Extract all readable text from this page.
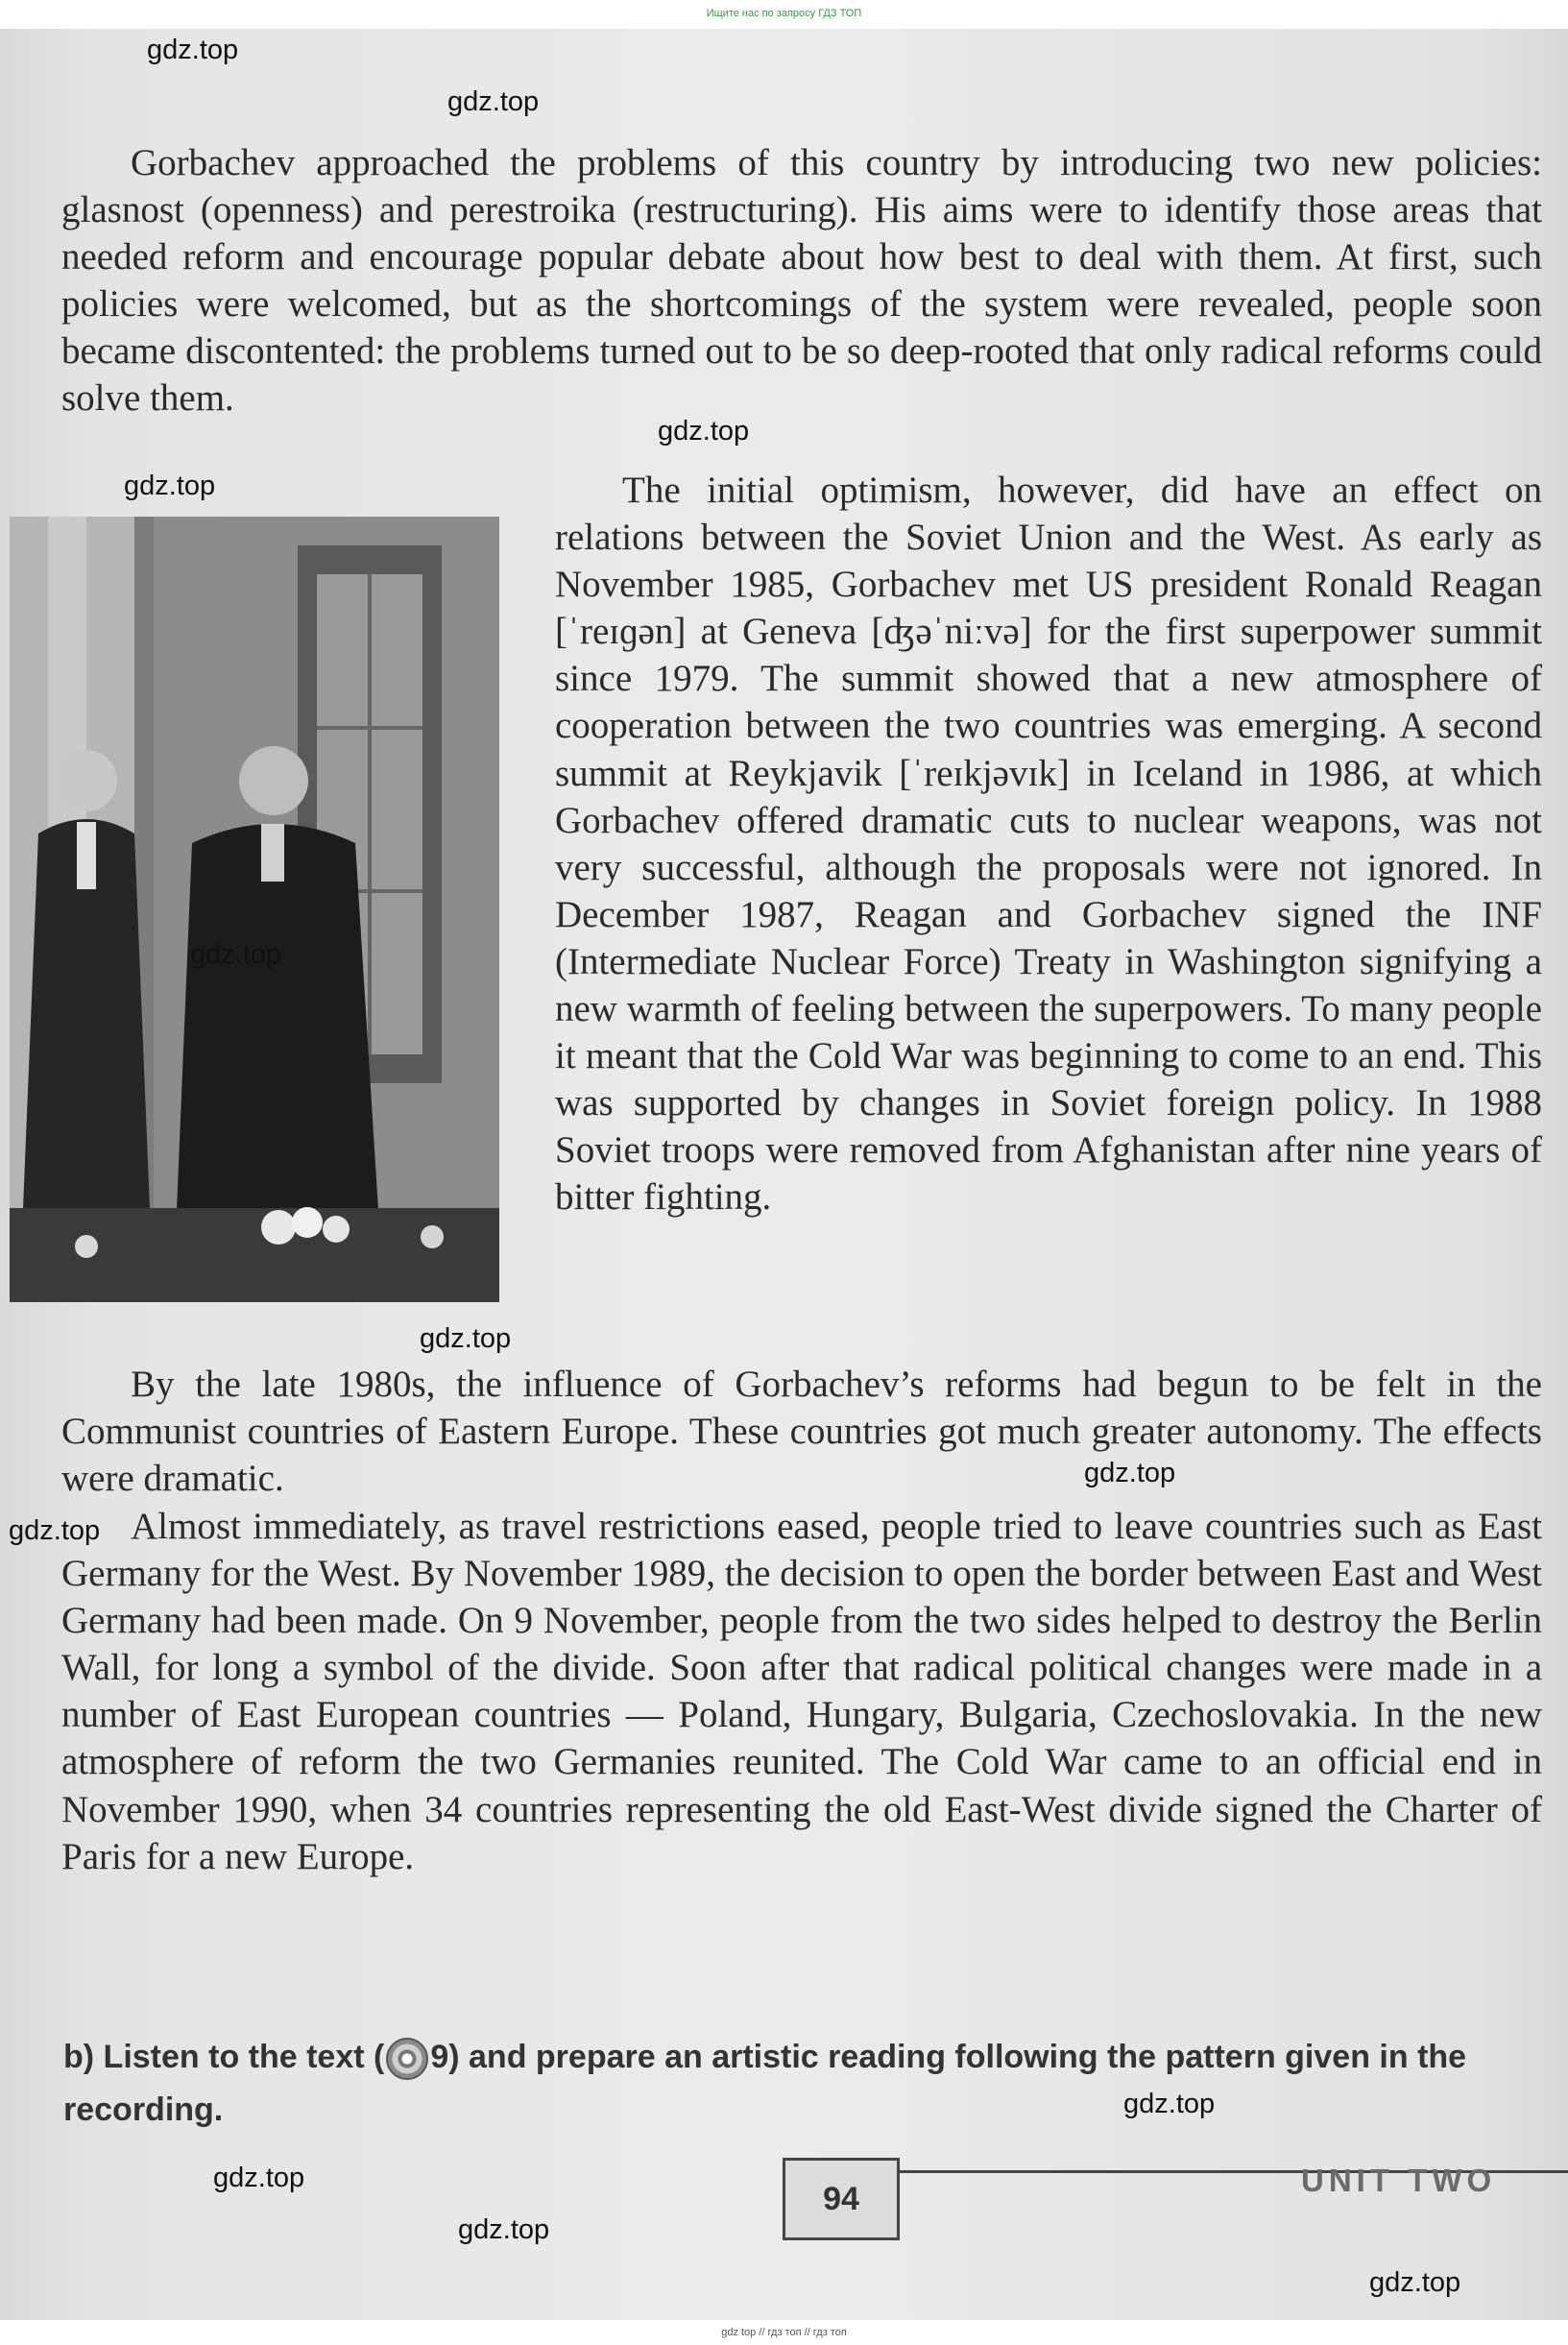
Ищите нас по запросу ГДЗ ТОП

Gorbachev approached the problems of this country by introducing two new policies: glasnost (openness) and perestroika (restructuring). His aims were to identify those areas that needed reform and encourage popular debate about how best to deal with them. At first, such policies were welcomed, but as the shortcomings of the system were revealed, people soon became discontented: the problems turned out to be so deep-rooted that only radical reforms could solve them.

The initial optimism, however, did have an effect on relations between the Soviet Union and the West. As early as November 1985, Gorbachev met US president Ronald Reagan [ˈreɪɡən] at Geneva [ʤəˈniːvə] for the first superpower summit since 1979. The summit showed that a new atmosphere of cooperation between the two countries was emerging. A second summit at Reykjavik [ˈreɪkjəvɪk] in Iceland in 1986, at which Gorbachev offered dramatic cuts to nuclear weapons, was not very successful, although the proposals were not ignored. In December 1987, Reagan and Gorbachev signed the INF (Intermediate Nuclear Force) Treaty in Washington signifying a new warmth of feeling between the superpowers. To many people it meant that the Cold War was beginning to come to an end. This was supported by changes in Soviet foreign policy. In 1988 Soviet troops were removed from Afghanistan after nine years of bitter fighting.

By the late 1980s, the influence of Gorbachev’s reforms had begun to be felt in the Communist countries of Eastern Europe. These countries got much greater autonomy. The effects were dramatic.

Almost immediately, as travel restrictions eased, people tried to leave countries such as East Germany for the West. By November 1989, the decision to open the border between East and West Germany had been made. On 9 November, people from the two sides helped to destroy the Berlin Wall, for long a symbol of the divide. Soon after that radical political changes were made in a number of East European countries — Poland, Hungary, Bulgaria, Czechoslovakia. In the new atmosphere of reform the two Germanies reunited. The Cold War came to an official end in November 1990, when 34 countries representing the old East-West divide signed the Charter of Paris for a new Europe.

b) Listen to the text ( 9) and prepare an artistic reading following the pattern given in the recording.
94
UNIT TWO
gdz.top
gdz.top
gdz.top
gdz.top
gdz.top
gdz.top
gdz.top
gdz.top
gdz.top
gdz.top
gdz.top
gdz.top
gdz top // гдз топ // гдз топ
